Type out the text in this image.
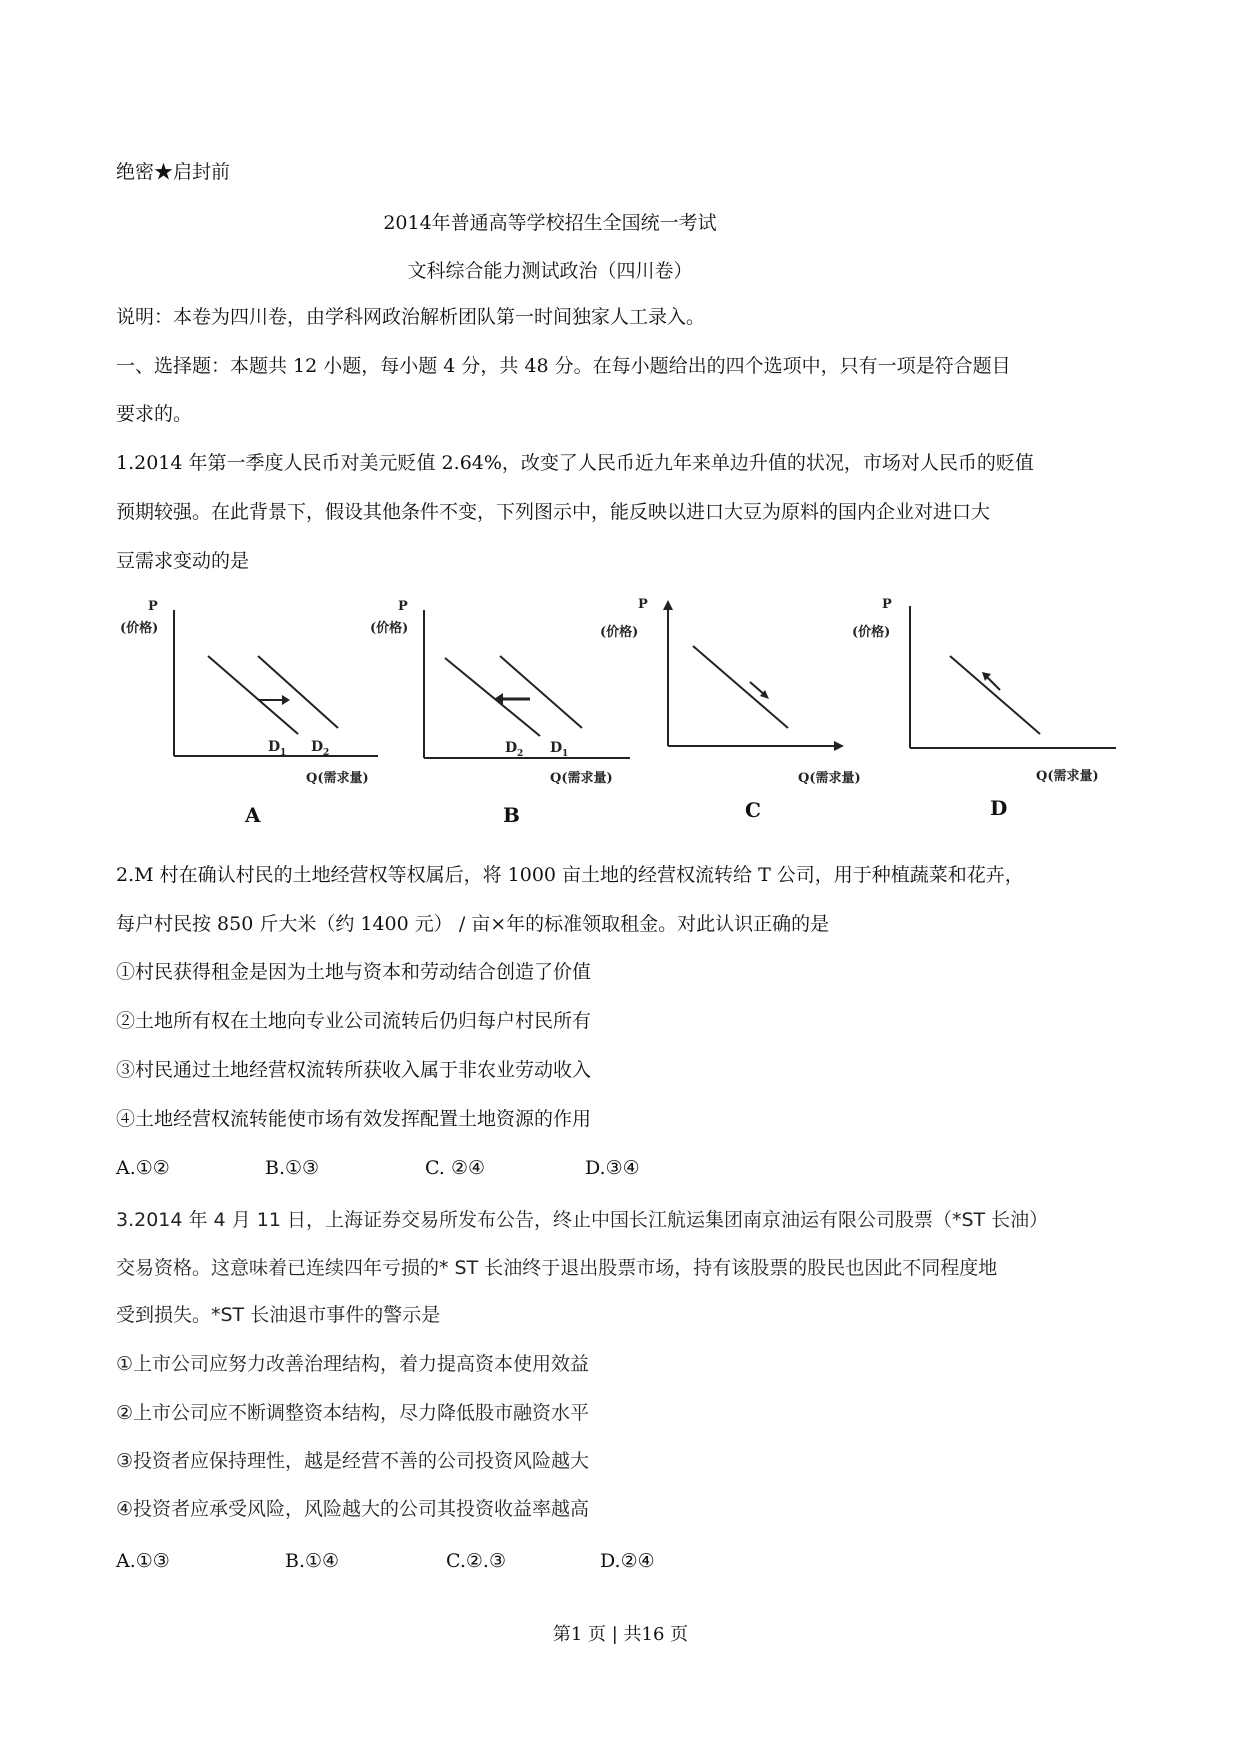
绝密★启封前
2014年普通高等学校招生全国统一考试
文科综合能力测试政治（四川卷）
说明：本卷为四川卷，由学科网政治解析团队第一时间独家人工录入。
一、选择题：本题共 12 小题，每小题 4 分，共 48 分。在每小题给出的四个选项中，只有一项是符合题目
要求的。
1.2014 年第一季度人民币对美元贬值 2.64%，改变了人民币近九年来单边升值的状况，市场对人民币的贬值
预期较强。在此背景下，假设其他条件不变，下列图示中，能反映以进口大豆为原料的国内企业对进口大
豆需求变动的是
P
(价格)
D 1 D 2
Q(需求量)
A
P
(价格)
D 2 D 1
Q(需求量)
B
P
(价格)
Q(需求量)
C
P
(价格)
Q(需求量)
D
2.M 村在确认村民的土地经营权等权属后，将 1000 亩土地的经营权流转给 T 公司，用于种植蔬菜和花卉，
每户村民按 850 斤大米（约 1400 元） / 亩×年的标准领取租金。对此认识正确的是
①村民获得租金是因为土地与资本和劳动结合创造了价值
②土地所有权在土地向专业公司流转后仍归每户村民所有
③村民通过土地经营权流转所获收入属于非农业劳动收入
④土地经营权流转能使市场有效发挥配置土地资源的作用
A.①②	B.①③	C. ②④	D.③④
3.2014 年 4 月 11 日，上海证券交易所发布公告，终止中国长江航运集团南京油运有限公司股票（*ST 长油）
交易资格。这意味着已连续四年亏损的* ST 长油终于退出股票市场，持有该股票的股民也因此不同程度地
受到损失。*ST 长油退市事件的警示是
①上市公司应努力改善治理结构，着力提高资本使用效益
②上市公司应不断调整资本结构，尽力降低股市融资水平
③投资者应保持理性，越是经营不善的公司投资风险越大
④投资者应承受风险，风险越大的公司其投资收益率越高
A.①③	B.①④	C.②.③	D.②④
第1 页 | 共16 页
